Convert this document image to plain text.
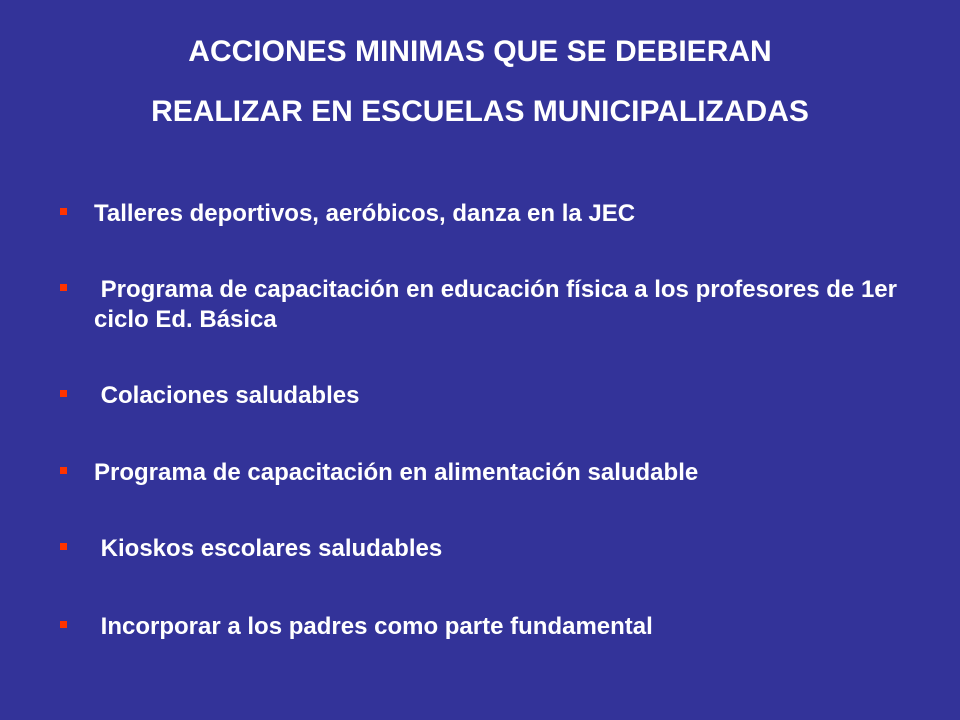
ACCIONES MINIMAS QUE SE DEBIERAN
REALIZAR EN ESCUELAS MUNICIPALIZADAS
Talleres deportivos, aeróbicos, danza en la JEC
Programa de capacitación en educación física a los profesores de 1er ciclo Ed. Básica
Colaciones saludables
Programa de capacitación en alimentación saludable
Kioskos escolares saludables
Incorporar a los padres como parte fundamental
